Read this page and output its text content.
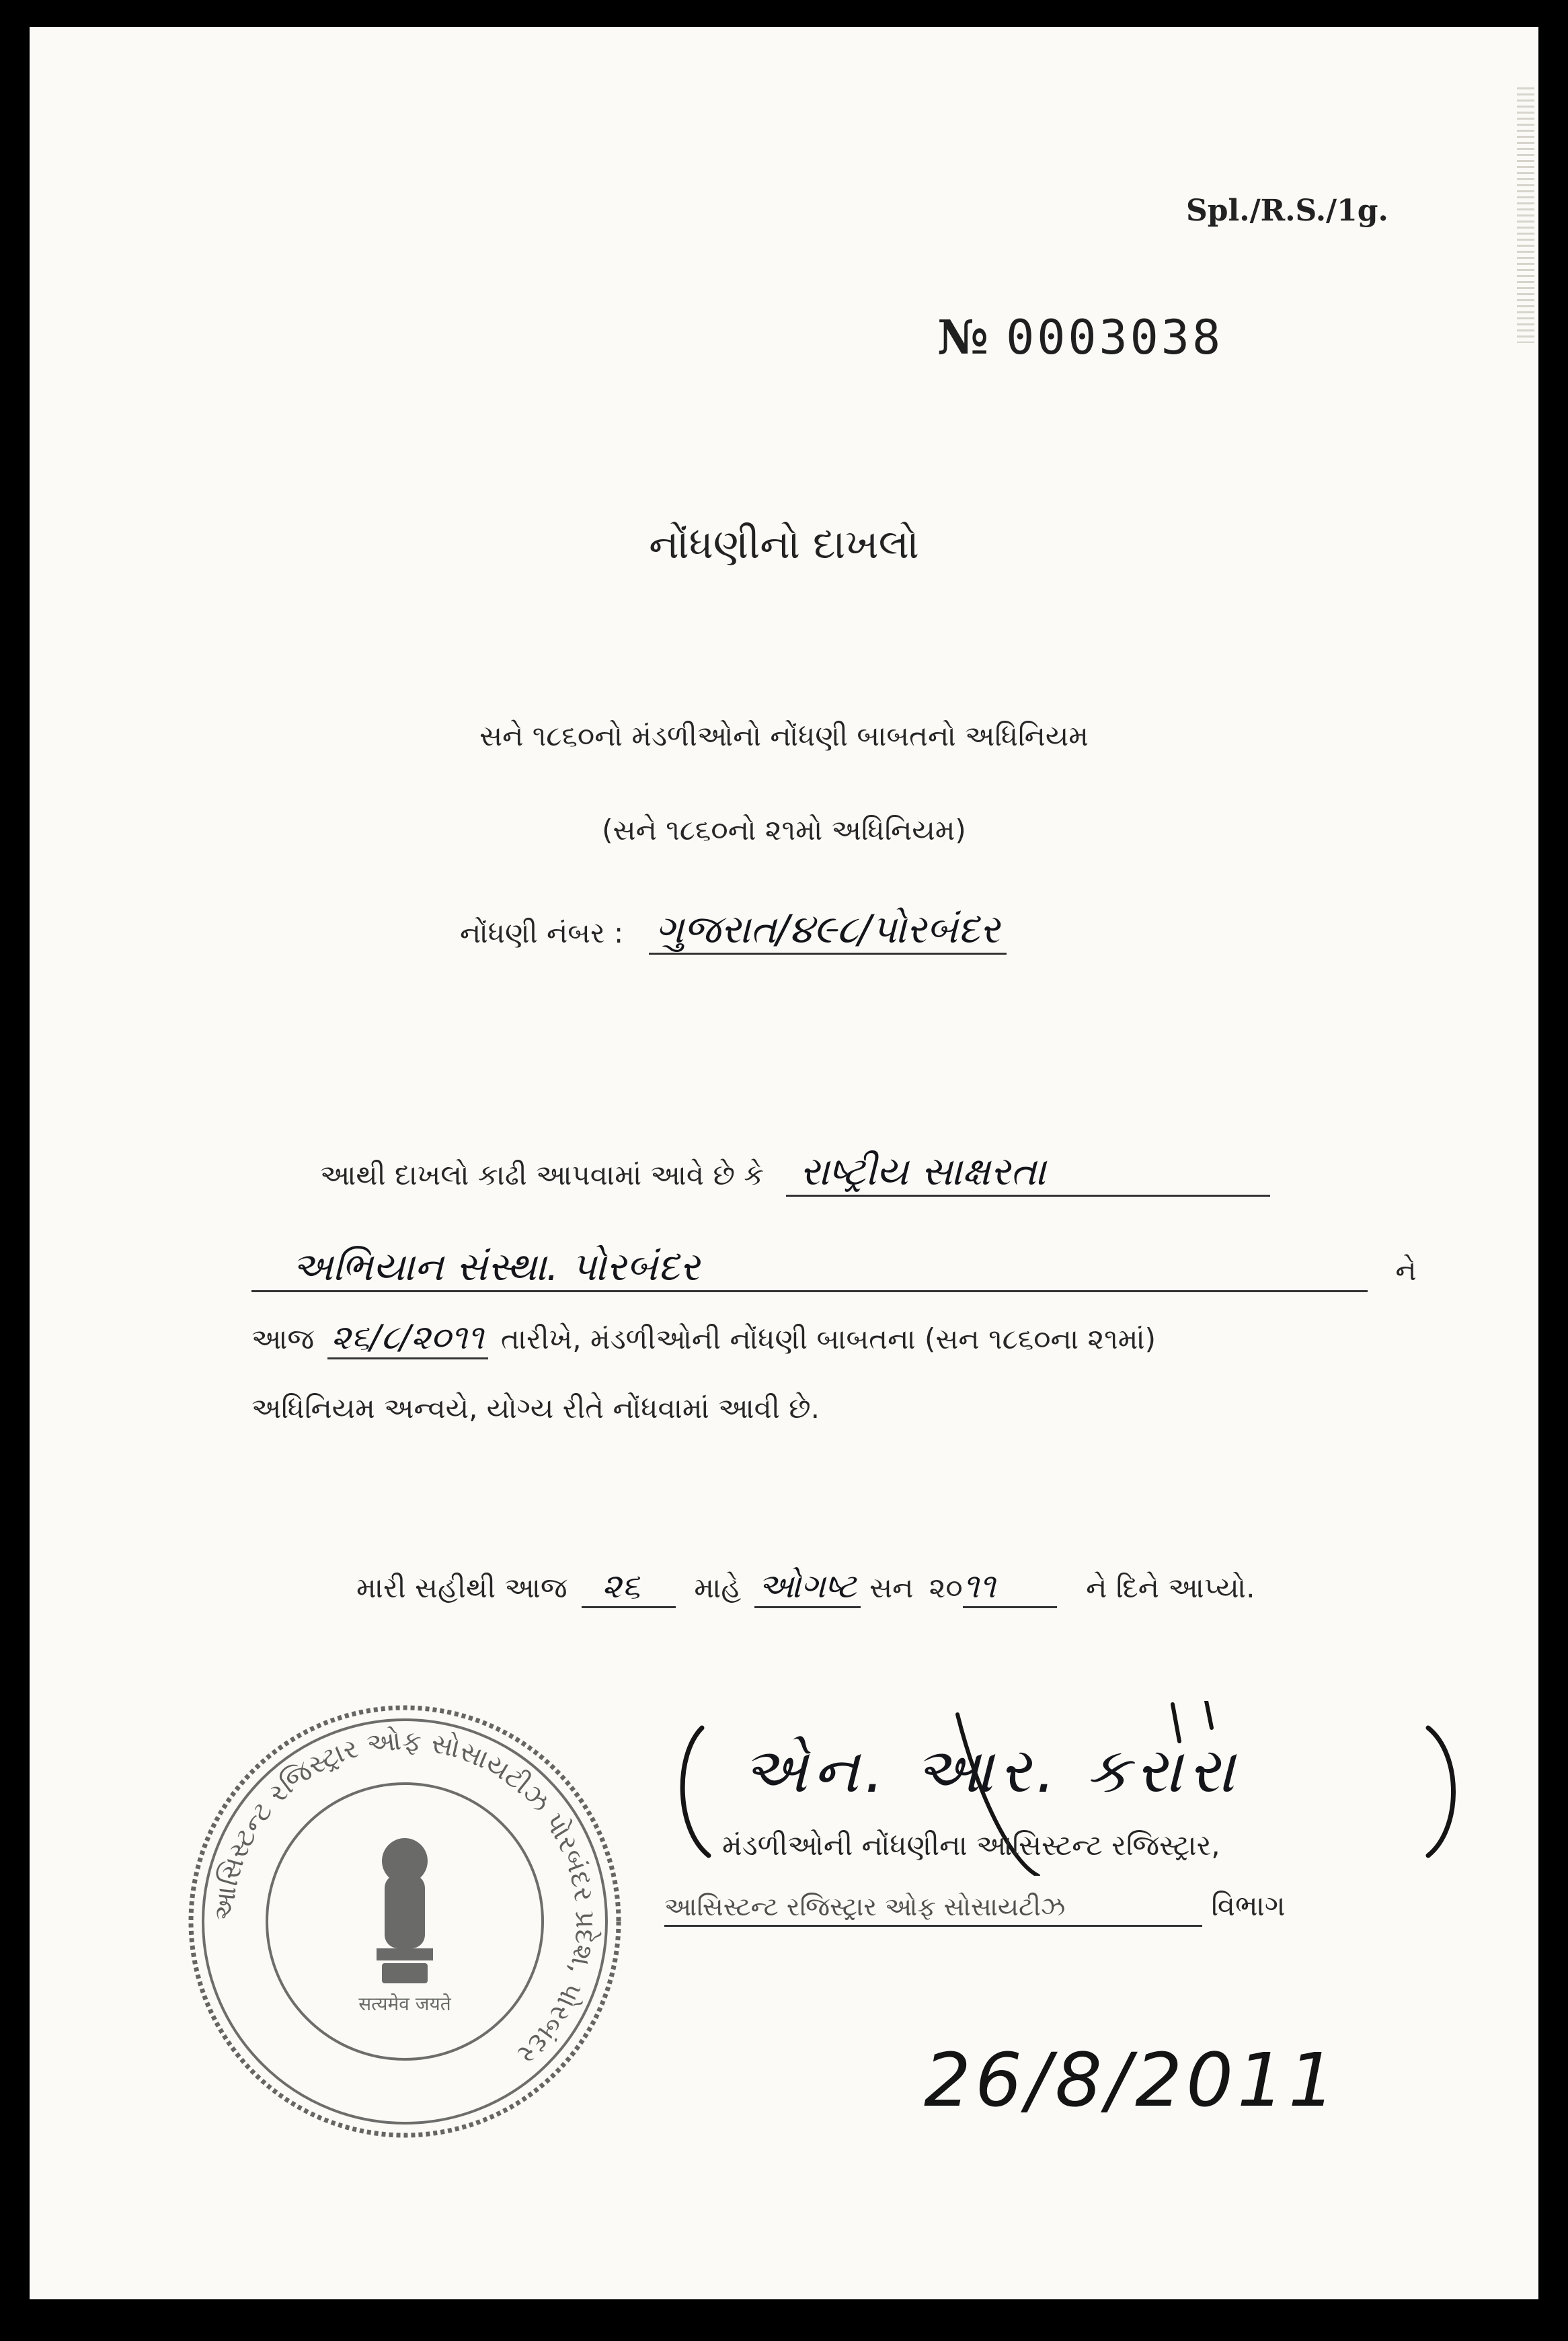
Spl./R.S./1g.
№ 0003038
નોંધણીનો દાખલો
સને ૧૮૬૦નો મંડળીઓનો નોંધણી બાબતનો અધિનિયમ
(સને ૧૮૬૦નો ૨૧મો અધિનિયમ)
નોંધણી નંબર : ગુજરાત/૪૯૮/પોરબંદર
આથી દાખલો કાઢી આપવામાં આવે છે કે રાષ્ટ્રીય સાક્ષરતા
અભિયાન સંસ્થા. પોરબંદર	ને
આજ ૨૬/૮/૨૦૧૧ તારીખે, મંડળીઓની નોંધણી બાબતના (સન ૧૮૬૦ના ૨૧માં)
અધિનિયમ અન્વયે, યોગ્ય રીતે નોંધવામાં આવી છે.
મારી સહીથી આજ ૨૬ માહે ઓગષ્ટ સન ૨૦૧૧	ને દિને આપ્યો.
આસિસ્ટન્ટ રજિસ્ટ્રાર ઓફ સોસાયટીઝ પોરબંદર પ્રદેશ, પોરબંદર
सत्यमेव जयते
એન. આર. કરારા
મંડળીઓની નોંધણીના આસિસ્ટન્ટ રજિસ્ટ્રાર,
આસિસ્ટન્ટ રજિસ્ટ્રાર ઓફ સોસાયટીઝ	વિભાગ
26/8/2011
